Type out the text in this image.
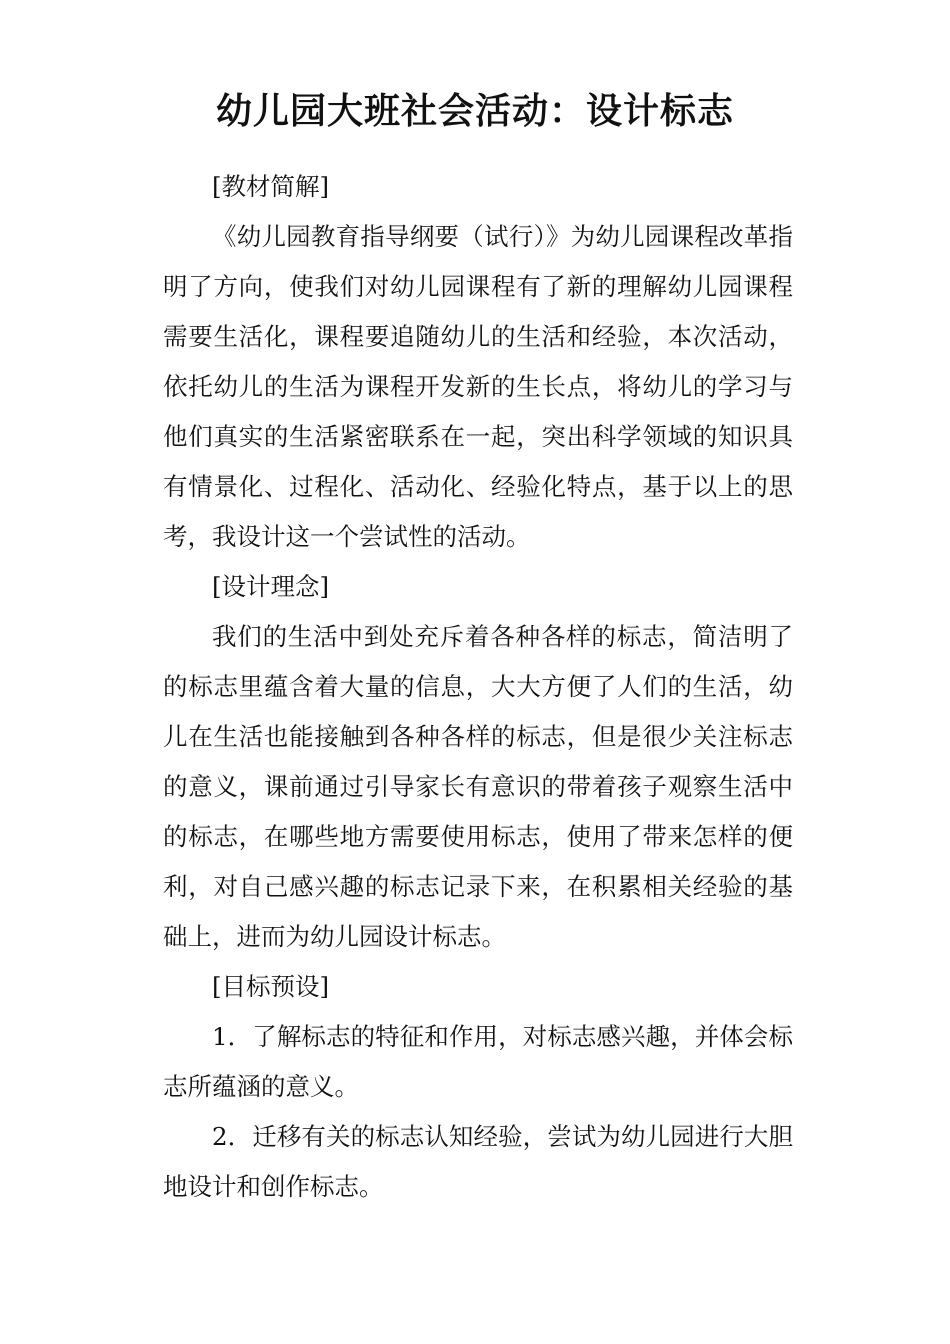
幼儿园大班社会活动：设计标志

[教材简解]

《幼儿园教育指导纲要（试行）》为幼儿园课程改革指明了方向，使我们对幼儿园课程有了新的理解幼儿园课程需要生活化，课程要追随幼儿的生活和经验，本次活动，依托幼儿的生活为课程开发新的生长点，将幼儿的学习与他们真实的生活紧密联系在一起，突出科学领域的知识具有情景化、过程化、活动化、经验化特点，基于以上的思考，我设计这一个尝试性的活动。

[设计理念]

我们的生活中到处充斥着各种各样的标志，简洁明了的标志里蕴含着大量的信息，大大方便了人们的生活，幼儿在生活也能接触到各种各样的标志，但是很少关注标志的意义，课前通过引导家长有意识的带着孩子观察生活中的标志，在哪些地方需要使用标志，使用了带来怎样的便利，对自己感兴趣的标志记录下来，在积累相关经验的基础上，进而为幼儿园设计标志。

[目标预设]

1．了解标志的特征和作用，对标志感兴趣，并体会标志所蕴涵的意义。

2．迁移有关的标志认知经验，尝试为幼儿园进行大胆地设计和创作标志。
